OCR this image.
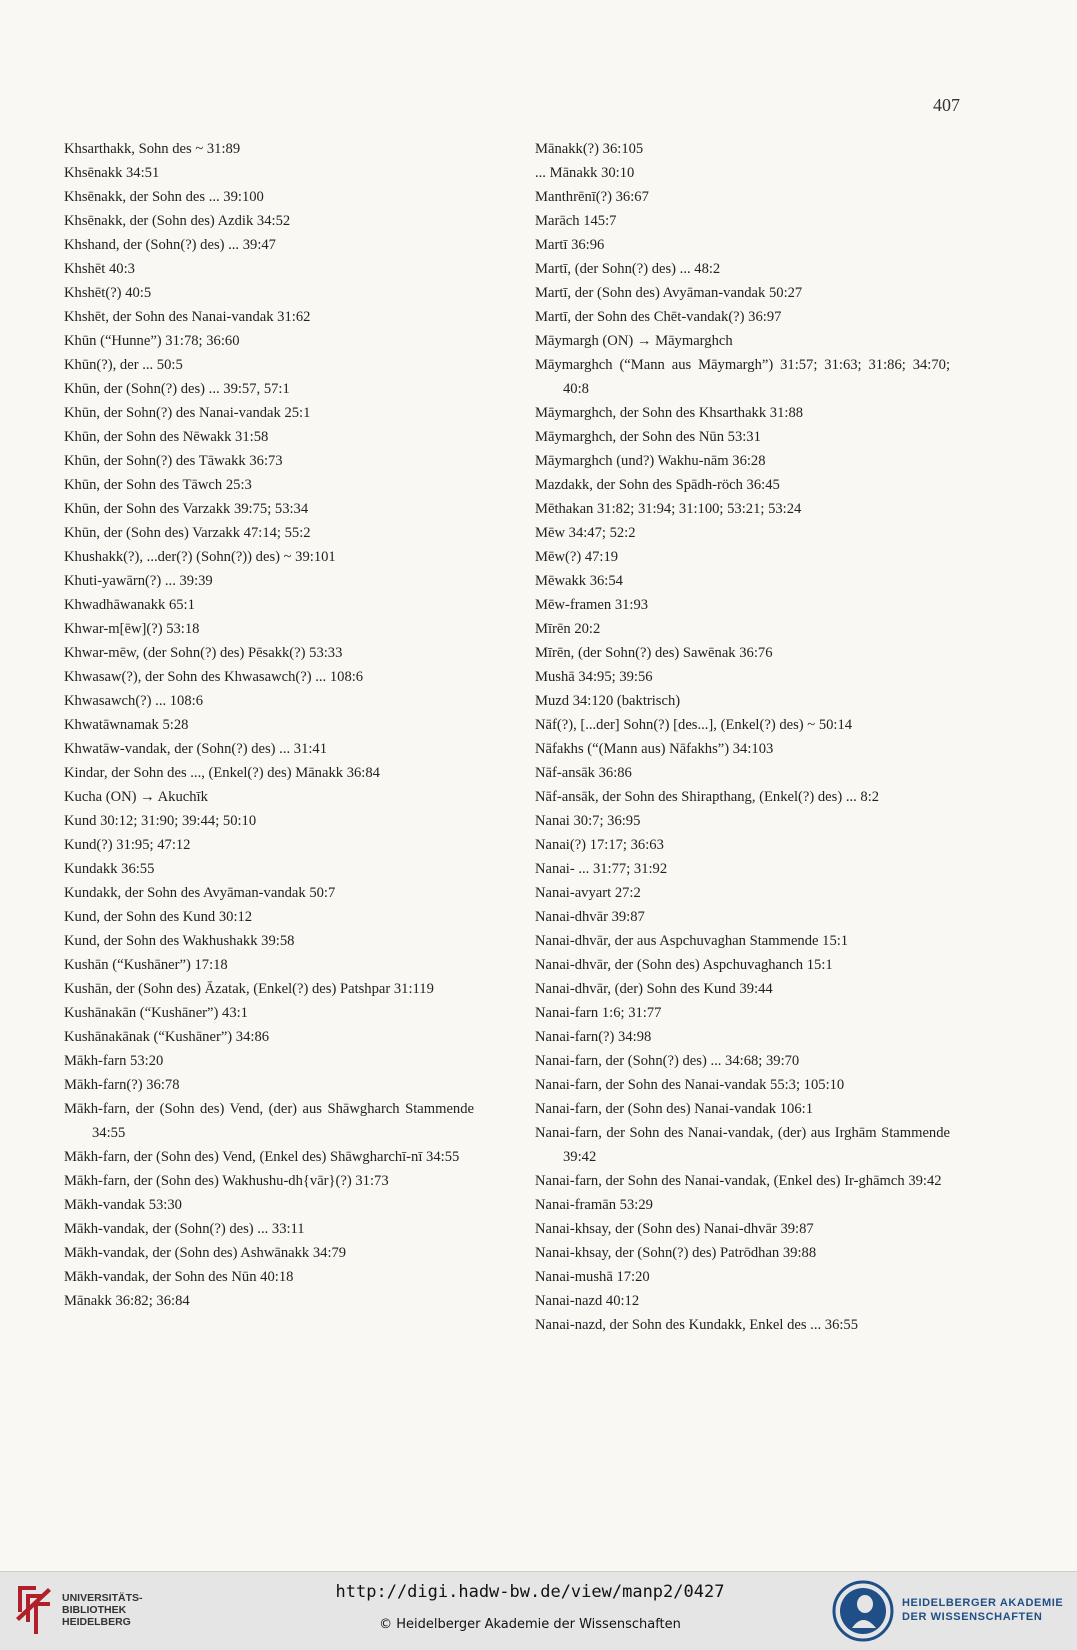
407
Khsarthakk, Sohn des ~ 31:89
Khsēnakk 34:51
Khsēnakk, der Sohn des ... 39:100
Khsēnakk, der (Sohn des) Azdik 34:52
Khshand, der (Sohn(?) des) ... 39:47
Khshēt 40:3
Khshēt(?) 40:5
Khshēt, der Sohn des Nanai-vandak 31:62
Khūn (“Hunne”) 31:78; 36:60
Khūn(?), der ... 50:5
Khūn, der (Sohn(?) des) ... 39:57, 57:1
Khūn, der Sohn(?) des Nanai-vandak 25:1
Khūn, der Sohn des Nēwakk 31:58
Khūn, der Sohn(?) des Tāwakk 36:73
Khūn, der Sohn des Tāwch 25:3
Khūn, der Sohn des Varzakk 39:75; 53:34
Khūn, der (Sohn des) Varzakk 47:14; 55:2
Khushakk(?), ...der(?) (Sohn(?)) des) ~ 39:101
Khuti-yawārn(?) ... 39:39
Khwadhāwanakk 65:1
Khwar-m[ēw](?) 53:18
Khwar-mēw, (der Sohn(?) des) Pēsakk(?) 53:33
Khwasaw(?), der Sohn des Khwasawch(?) ... 108:6
Khwasawch(?) ... 108:6
Khwatāwnamak 5:28
Khwatāw-vandak, der (Sohn(?) des) ... 31:41
Kindar, der Sohn des ..., (Enkel(?) des) Mānakk 36:84
Kucha (ON) → Akuchīk
Kund 30:12; 31:90; 39:44; 50:10
Kund(?) 31:95; 47:12
Kundakk 36:55
Kundakk, der Sohn des Avyāman-vandak 50:7
Kund, der Sohn des Kund 30:12
Kund, der Sohn des Wakhushakk 39:58
Kushān (“Kushāner”) 17:18
Kushān, der (Sohn des) Āzatak, (Enkel(?) des) Patshpar 31:119
Kushānakān (“Kushāner”) 43:1
Kushānakānak (“Kushāner”) 34:86
Mākh-farn 53:20
Mākh-farn(?) 36:78
Mākh-farn, der (Sohn des) Vend, (der) aus Shāwgharch Stammende 34:55
Mākh-farn, der (Sohn des) Vend, (Enkel des) Shāwgharchī-nī 34:55
Mākh-farn, der (Sohn des) Wakhushu-dh{vār}(?) 31:73
Mākh-vandak 53:30
Mākh-vandak, der (Sohn(?) des) ... 33:11
Mākh-vandak, der (Sohn des) Ashwānakk 34:79
Mākh-vandak, der Sohn des Nūn 40:18
Mānakk 36:82; 36:84
Mānakk(?) 36:105
... Mānakk 30:10
Manthrēnī(?) 36:67
Marāch 145:7
Martī 36:96
Martī, (der Sohn(?) des) ... 48:2
Martī, der (Sohn des) Avyāman-vandak 50:27
Martī, der Sohn des Chēt-vandak(?) 36:97
Māymargh (ON) → Māymarghch
Māymarghch (“Mann aus Māymargh”) 31:57; 31:63; 31:86; 34:70; 40:8
Māymarghch, der Sohn des Khsarthakk 31:88
Māymarghch, der Sohn des Nūn 53:31
Māymarghch (und?) Wakhu-nām 36:28
Mazdakk, der Sohn des Spādh-röch 36:45
Mēthakan 31:82; 31:94; 31:100; 53:21; 53:24
Mēw 34:47; 52:2
Mēw(?) 47:19
Mēwakk 36:54
Mēw-framen 31:93
Mīrēn 20:2
Mīrēn, (der Sohn(?) des) Sawēnak 36:76
Mushā 34:95; 39:56
Muzd 34:120 (baktrisch)
Nāf(?), [...der] Sohn(?) [des...], (Enkel(?) des) ~ 50:14
Nāfakhs (“(Mann aus) Nāfakhs”) 34:103
Nāf-ansāk 36:86
Nāf-ansāk, der Sohn des Shirapthang, (Enkel(?) des) ... 8:2
Nanai 30:7; 36:95
Nanai(?) 17:17; 36:63
Nanai- ... 31:77; 31:92
Nanai-avyart 27:2
Nanai-dhvār 39:87
Nanai-dhvār, der aus Aspchuvaghan Stammende 15:1
Nanai-dhvār, der (Sohn des) Aspchuvaghanch 15:1
Nanai-dhvār, (der) Sohn des Kund 39:44
Nanai-farn 1:6; 31:77
Nanai-farn(?) 34:98
Nanai-farn, der (Sohn(?) des) ... 34:68; 39:70
Nanai-farn, der Sohn des Nanai-vandak 55:3; 105:10
Nanai-farn, der (Sohn des) Nanai-vandak 106:1
Nanai-farn, der Sohn des Nanai-vandak, (der) aus Irghām Stammende 39:42
Nanai-farn, der Sohn des Nanai-vandak, (Enkel des) Ir-ghāmch 39:42
Nanai-framān 53:29
Nanai-khsay, der (Sohn des) Nanai-dhvār 39:87
Nanai-khsay, der (Sohn(?) des) Patrōdhan 39:88
Nanai-mushā 17:20
Nanai-nazd 40:12
Nanai-nazd, der Sohn des Kundakk, Enkel des ... 36:55
UNIVERSITÄTS-
BIBLIOTHEK
HEIDELBERG
http://digi.hadw-bw.de/view/manp2/0427
© Heidelberger Akademie der Wissenschaften
HEIDELBERGER AKADEMIE
DER WISSENSCHAFTEN
